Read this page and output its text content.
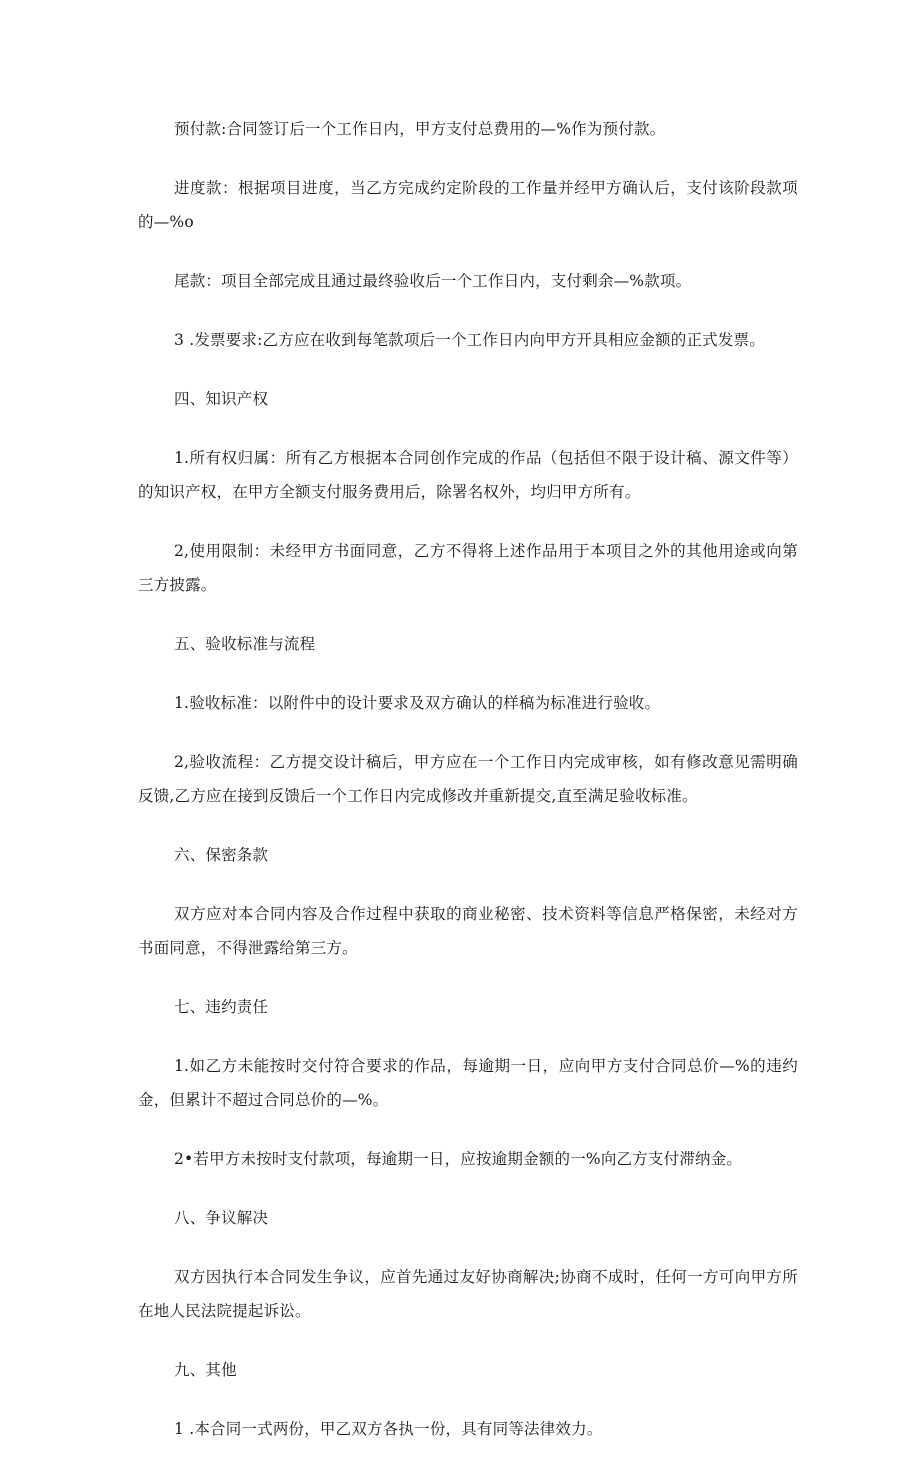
预付款:合同签订后一个工作日内，甲方支付总费用的—%作为预付款。

进度款：根据项目进度，当乙方完成约定阶段的工作量并经甲方确认后，支付该阶段款项的—%o

尾款：项目全部完成且通过最终验收后一个工作日内，支付剩余—%款项。

3 .发票要求:乙方应在收到每笔款项后一个工作日内向甲方开具相应金额的正式发票。

四、知识产权

1.所有权归属：所有乙方根据本合同创作完成的作品（包括但不限于设计稿、源文件等）的知识产权，在甲方全额支付服务费用后，除署名权外，均归甲方所有。

2,使用限制：未经甲方书面同意，乙方不得将上述作品用于本项目之外的其他用途或向第三方披露。

五、验收标准与流程

1.验收标准：以附件中的设计要求及双方确认的样稿为标准进行验收。

2,验收流程：乙方提交设计稿后，甲方应在一个工作日内完成审核，如有修改意见需明确反馈,乙方应在接到反馈后一个工作日内完成修改并重新提交,直至满足验收标准。

六、保密条款

双方应对本合同内容及合作过程中获取的商业秘密、技术资料等信息严格保密，未经对方书面同意，不得泄露给第三方。

七、违约责任

1.如乙方未能按时交付符合要求的作品，每逾期一日，应向甲方支付合同总价—%的违约金，但累计不超过合同总价的—%。

2•若甲方未按时支付款项，每逾期一日，应按逾期金额的一%向乙方支付滞纳金。

八、争议解决

双方因执行本合同发生争议，应首先通过友好协商解决;协商不成时，任何一方可向甲方所在地人民法院提起诉讼。

九、其他

1 .本合同一式两份，甲乙双方各执一份，具有同等法律效力。
